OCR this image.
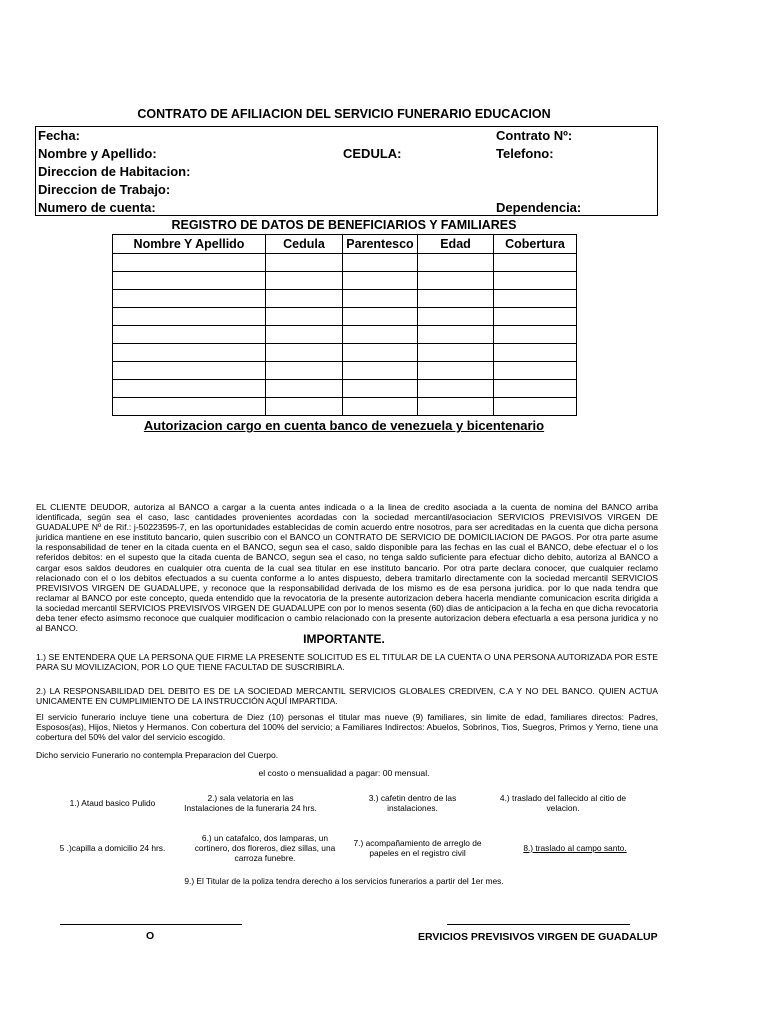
CONTRATO DE AFILIACION DEL SERVICIO FUNERARIO EDUCACION
Fecha:	Contrato Nº:
Nombre y Apellido:	CEDULA:	Telefono:
Direccion de Habitacion:
Direccion de Trabajo:
Numero de cuenta:	Dependencia:
REGISTRO DE DATOS DE BENEFICIARIOS Y FAMILIARES
Nombre Y Apellido	Cedula	Parentesco	Edad	Cobertura

Autorizacion cargo en cuenta banco de venezuela y bicentenario
EL CLIENTE DEUDOR, autoriza al BANCO a cargar a la cuenta antes indicada o a la linea de credito asociada a la cuenta de nomina del BANCO arriba identificada, según sea el caso, lasc cantidades provenientes acordadas con la sociedad mercantil/asociacion SERVICIOS PREVISIVOS VIRGEN DE GUADALUPE Nº de Rif.: j-50223595-7, en las oportunidades establecidas de comin acuerdo entre nosotros, para ser acreditadas en la cuenta que dicha persona juridica mantiene en ese instituto bancario, quien suscribio con el BANCO un CONTRATO DE SERVICIO DE DOMICILIACION DE PAGOS. Por otra parte asume la responsabilidad de tener en la citada cuenta en el BANCO, segun sea el caso, saldo disponible para las fechas en las cual el BANCO, debe efectuar el o los referidos debitos: en el supesto que la citada cuenta de BANCO, segun sea el caso, no tenga saldo suficiente para efectuar dicho debito, autoriza al BANCO a cargar esos saldos deudores en cualquier otra cuenta de la cual sea titular en ese instituto bancario. Por otra parte declara conocer, que cualquier reclamo relacionado con el o los debitos efectuados a su cuenta conforme a lo antes dispuesto, debera tramitarlo directamente con la sociedad mercantil SERVICIOS PREVISIVOS VIRGEN DE GUADALUPE, y reconoce que la responsabilidad derivada de los mismo es de esa persona juridica. por lo que nada tendra que reclamar al BANCO por este concepto, queda entendido que la revocatoria de la presente autorizacion debera hacerla mendiante comunicacion escrita dirigida a la sociedad mercantil SERVICIOS PREVISIVOS VIRGEN DE GUADALUPE con por lo menos sesenta (60) dias de anticipacion a la fecha en que dicha revocatoria deba tener efecto asimsmo reconoce que cualquier modificacion o cambio relacionado con la presente autorizacion debera efectuarla a esa persona juridica y no al BANCO.
IMPORTANTE.
1.) SE ENTENDERA QUE LA PERSONA QUE FIRME LA PRESENTE SOLICITUD ES EL TITULAR DE LA CUENTA O UNA PERSONA AUTORIZADA POR ESTE PARA SU MOVILIZACION, POR LO QUE TIENE FACULTAD DE SUSCRIBIRLA.
2.) LA RESPONSABILIDAD DEL DEBITO ES DE LA SOCIEDAD MERCANTIL SERVICIOS GLOBALES CREDIVEN, C.A Y NO DEL BANCO. QUIEN ACTUA UNICAMENTE EN CUMPLIMIENTO DE LA INSTRUCCIÓN AQUÍ IMPARTIDA.
El servicio funerario incluye tiene una cobertura de Diez (10) personas el titular mas nueve (9) familiares, sin limite de edad, familiares directos: Padres, Esposos(as), Hijos, Nietos y Hermanos. Con cobertura del 100% del servicio; a Familiares Indirectos: Abuelos, Sobrinos, Tios, Suegros, Primos y Yerno, tiene una cobertura del 50% del valor del servicio escogido.
Dicho servicio Funerario no contempla Preparacion del Cuerpo.
el costo o mensualidad a pagar: 00 mensual.
1.) Ataud basico Pulido	2.) sala velatoria en las Instalaciones de la funeraria 24 hrs.
3.) cafetin dentro de las instalaciones.
4.) traslado del fallecido al citio de velacion.
5 .)capilla a domicilio 24 hrs.
6.) un catafalco, dos lamparas, un cortinero, dos floreros, diez sillas, una carroza funebre.
7.) acompañamiento de arreglo de papeles en el registro civil	8.) traslado al campo santo.
9.) El Titular de la poliza tendra derecho a los servicios funerarios a partir del 1er mes.
O	ERVICIOS PREVISIVOS VIRGEN DE GUADALUP
